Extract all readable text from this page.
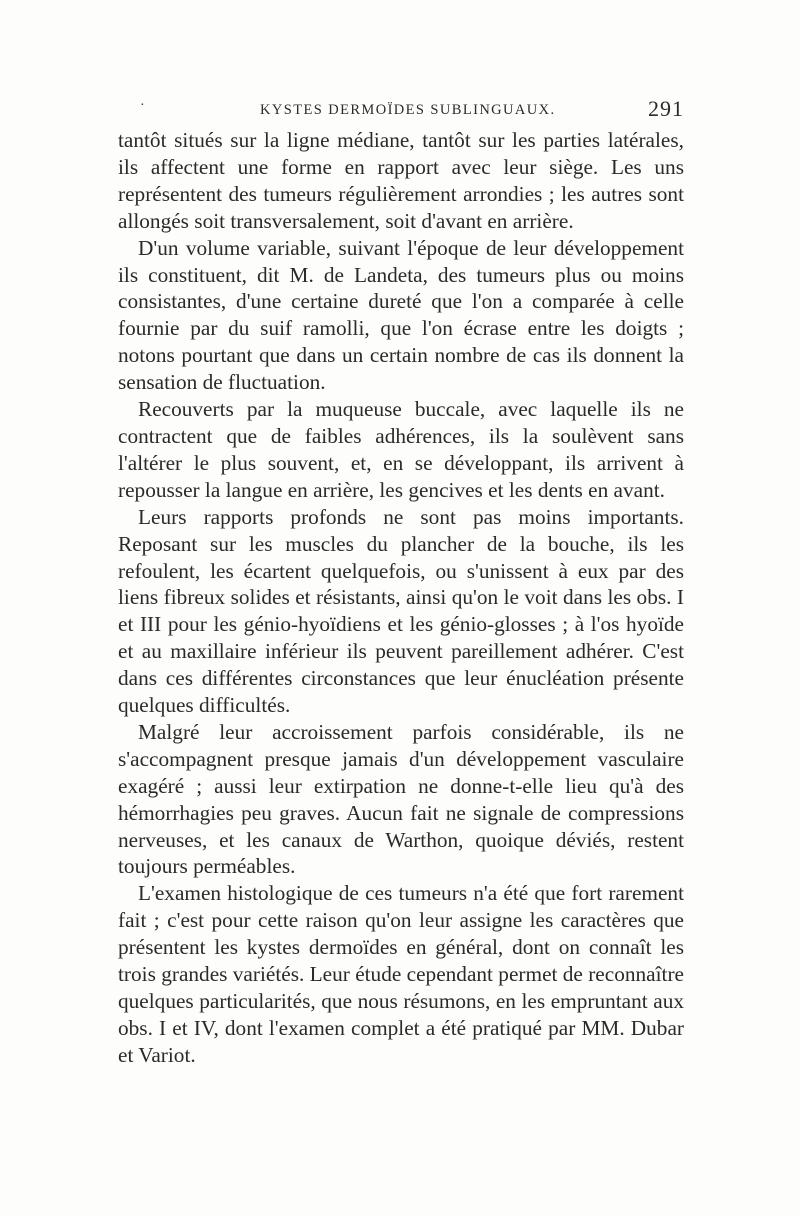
·	KYSTES DERMOÏDES SUBLINGUAUX.	291

tantôt situés sur la ligne médiane, tantôt sur les parties latérales, ils affectent une forme en rapport avec leur siège. Les uns représentent des tumeurs régulièrement arrondies ; les autres sont allongés soit transversalement, soit d'avant en arrière.

D'un volume variable, suivant l'époque de leur développement ils constituent, dit M. de Landeta, des tumeurs plus ou moins consistantes, d'une certaine dureté que l'on a comparée à celle fournie par du suif ramolli, que l'on écrase entre les doigts ; notons pourtant que dans un certain nombre de cas ils donnent la sensation de fluctuation.

Recouverts par la muqueuse buccale, avec laquelle ils ne contractent que de faibles adhérences, ils la soulèvent sans l'altérer le plus souvent, et, en se développant, ils arrivent à repousser la langue en arrière, les gencives et les dents en avant.

Leurs rapports profonds ne sont pas moins importants. Reposant sur les muscles du plancher de la bouche, ils les refoulent, les écartent quelquefois, ou s'unissent à eux par des liens fibreux solides et résistants, ainsi qu'on le voit dans les obs. I et III pour les génio-hyoïdiens et les génio-glosses ; à l'os hyoïde et au maxillaire inférieur ils peuvent pareillement adhérer. C'est dans ces différentes circonstances que leur énucléation présente quelques difficultés.

Malgré leur accroissement parfois considérable, ils ne s'accompagnent presque jamais d'un développement vasculaire exagéré ; aussi leur extirpation ne donne-t-elle lieu qu'à des hémorrhagies peu graves. Aucun fait ne signale de compressions nerveuses, et les canaux de Warthon, quoique déviés, restent toujours perméables.

L'examen histologique de ces tumeurs n'a été que fort rarement fait ; c'est pour cette raison qu'on leur assigne les caractères que présentent les kystes dermoïdes en général, dont on connaît les trois grandes variétés. Leur étude cependant permet de reconnaître quelques particularités, que nous résumons, en les empruntant aux obs. I et IV, dont l'examen complet a été pratiqué par MM. Dubar et Variot.
